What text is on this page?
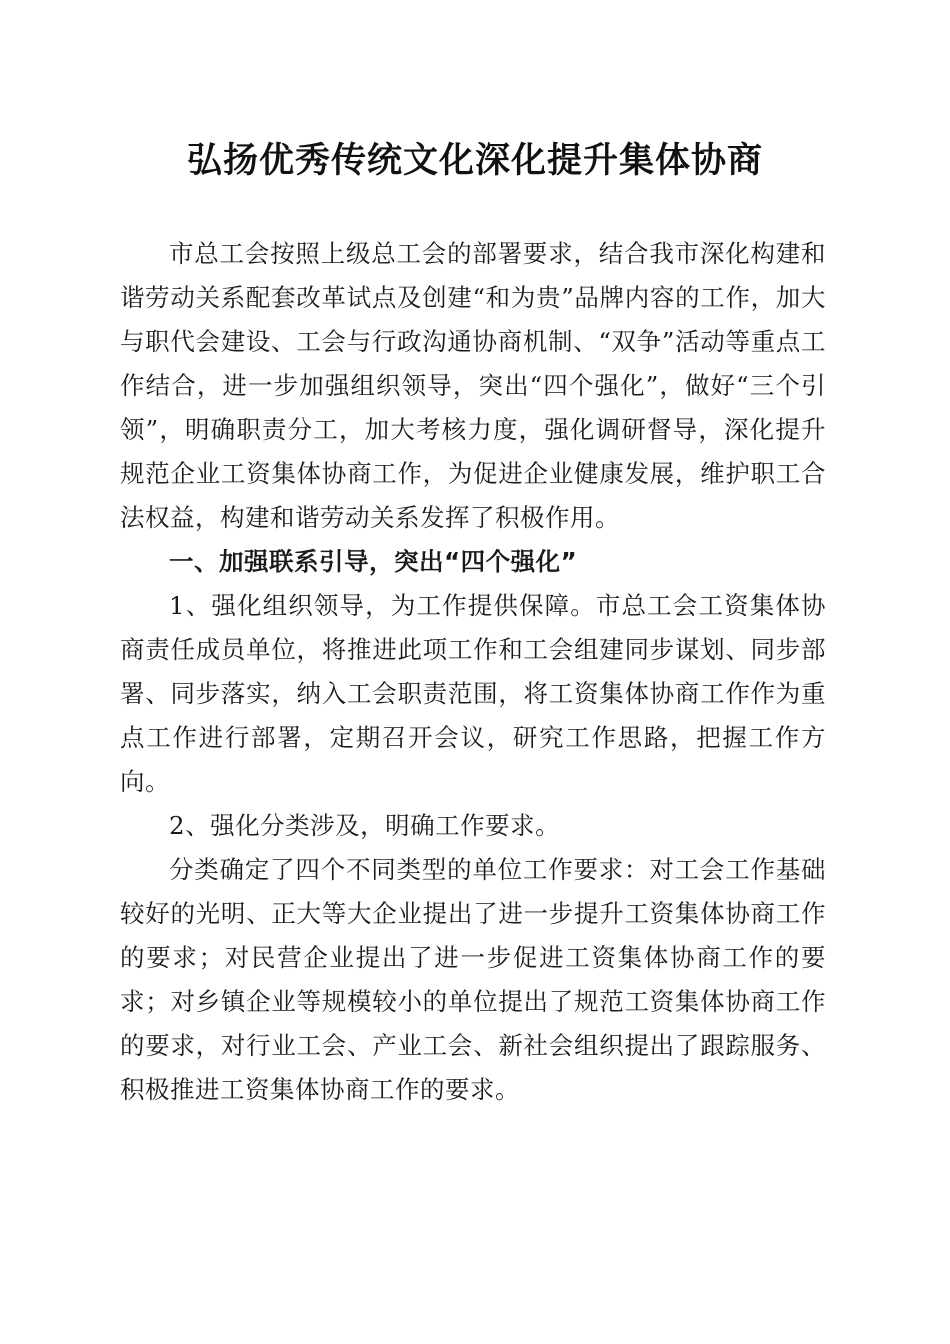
弘扬优秀传统文化深化提升集体协商

市总工会按照上级总工会的部署要求，结合我市深化构建和谐劳动关系配套改革试点及创建“和为贵”品牌内容的工作，加大与职代会建设、工会与行政沟通协商机制、“双争”活动等重点工作结合，进一步加强组织领导，突出“四个强化”，做好“三个引领”，明确职责分工，加大考核力度，强化调研督导，深化提升规范企业工资集体协商工作，为促进企业健康发展，维护职工合法权益，构建和谐劳动关系发挥了积极作用。

一、加强联系引导，突出“四个强化”

1、强化组织领导，为工作提供保障。市总工会工资集体协商责任成员单位，将推进此项工作和工会组建同步谋划、同步部署、同步落实，纳入工会职责范围，将工资集体协商工作作为重点工作进行部署，定期召开会议，研究工作思路，把握工作方向。

2、强化分类涉及，明确工作要求。

分类确定了四个不同类型的单位工作要求：对工会工作基础较好的光明、正大等大企业提出了进一步提升工资集体协商工作的要求；对民营企业提出了进一步促进工资集体协商工作的要求；对乡镇企业等规模较小的单位提出了规范工资集体协商工作的要求，对行业工会、产业工会、新社会组织提出了跟踪服务、积极推进工资集体协商工作的要求。
